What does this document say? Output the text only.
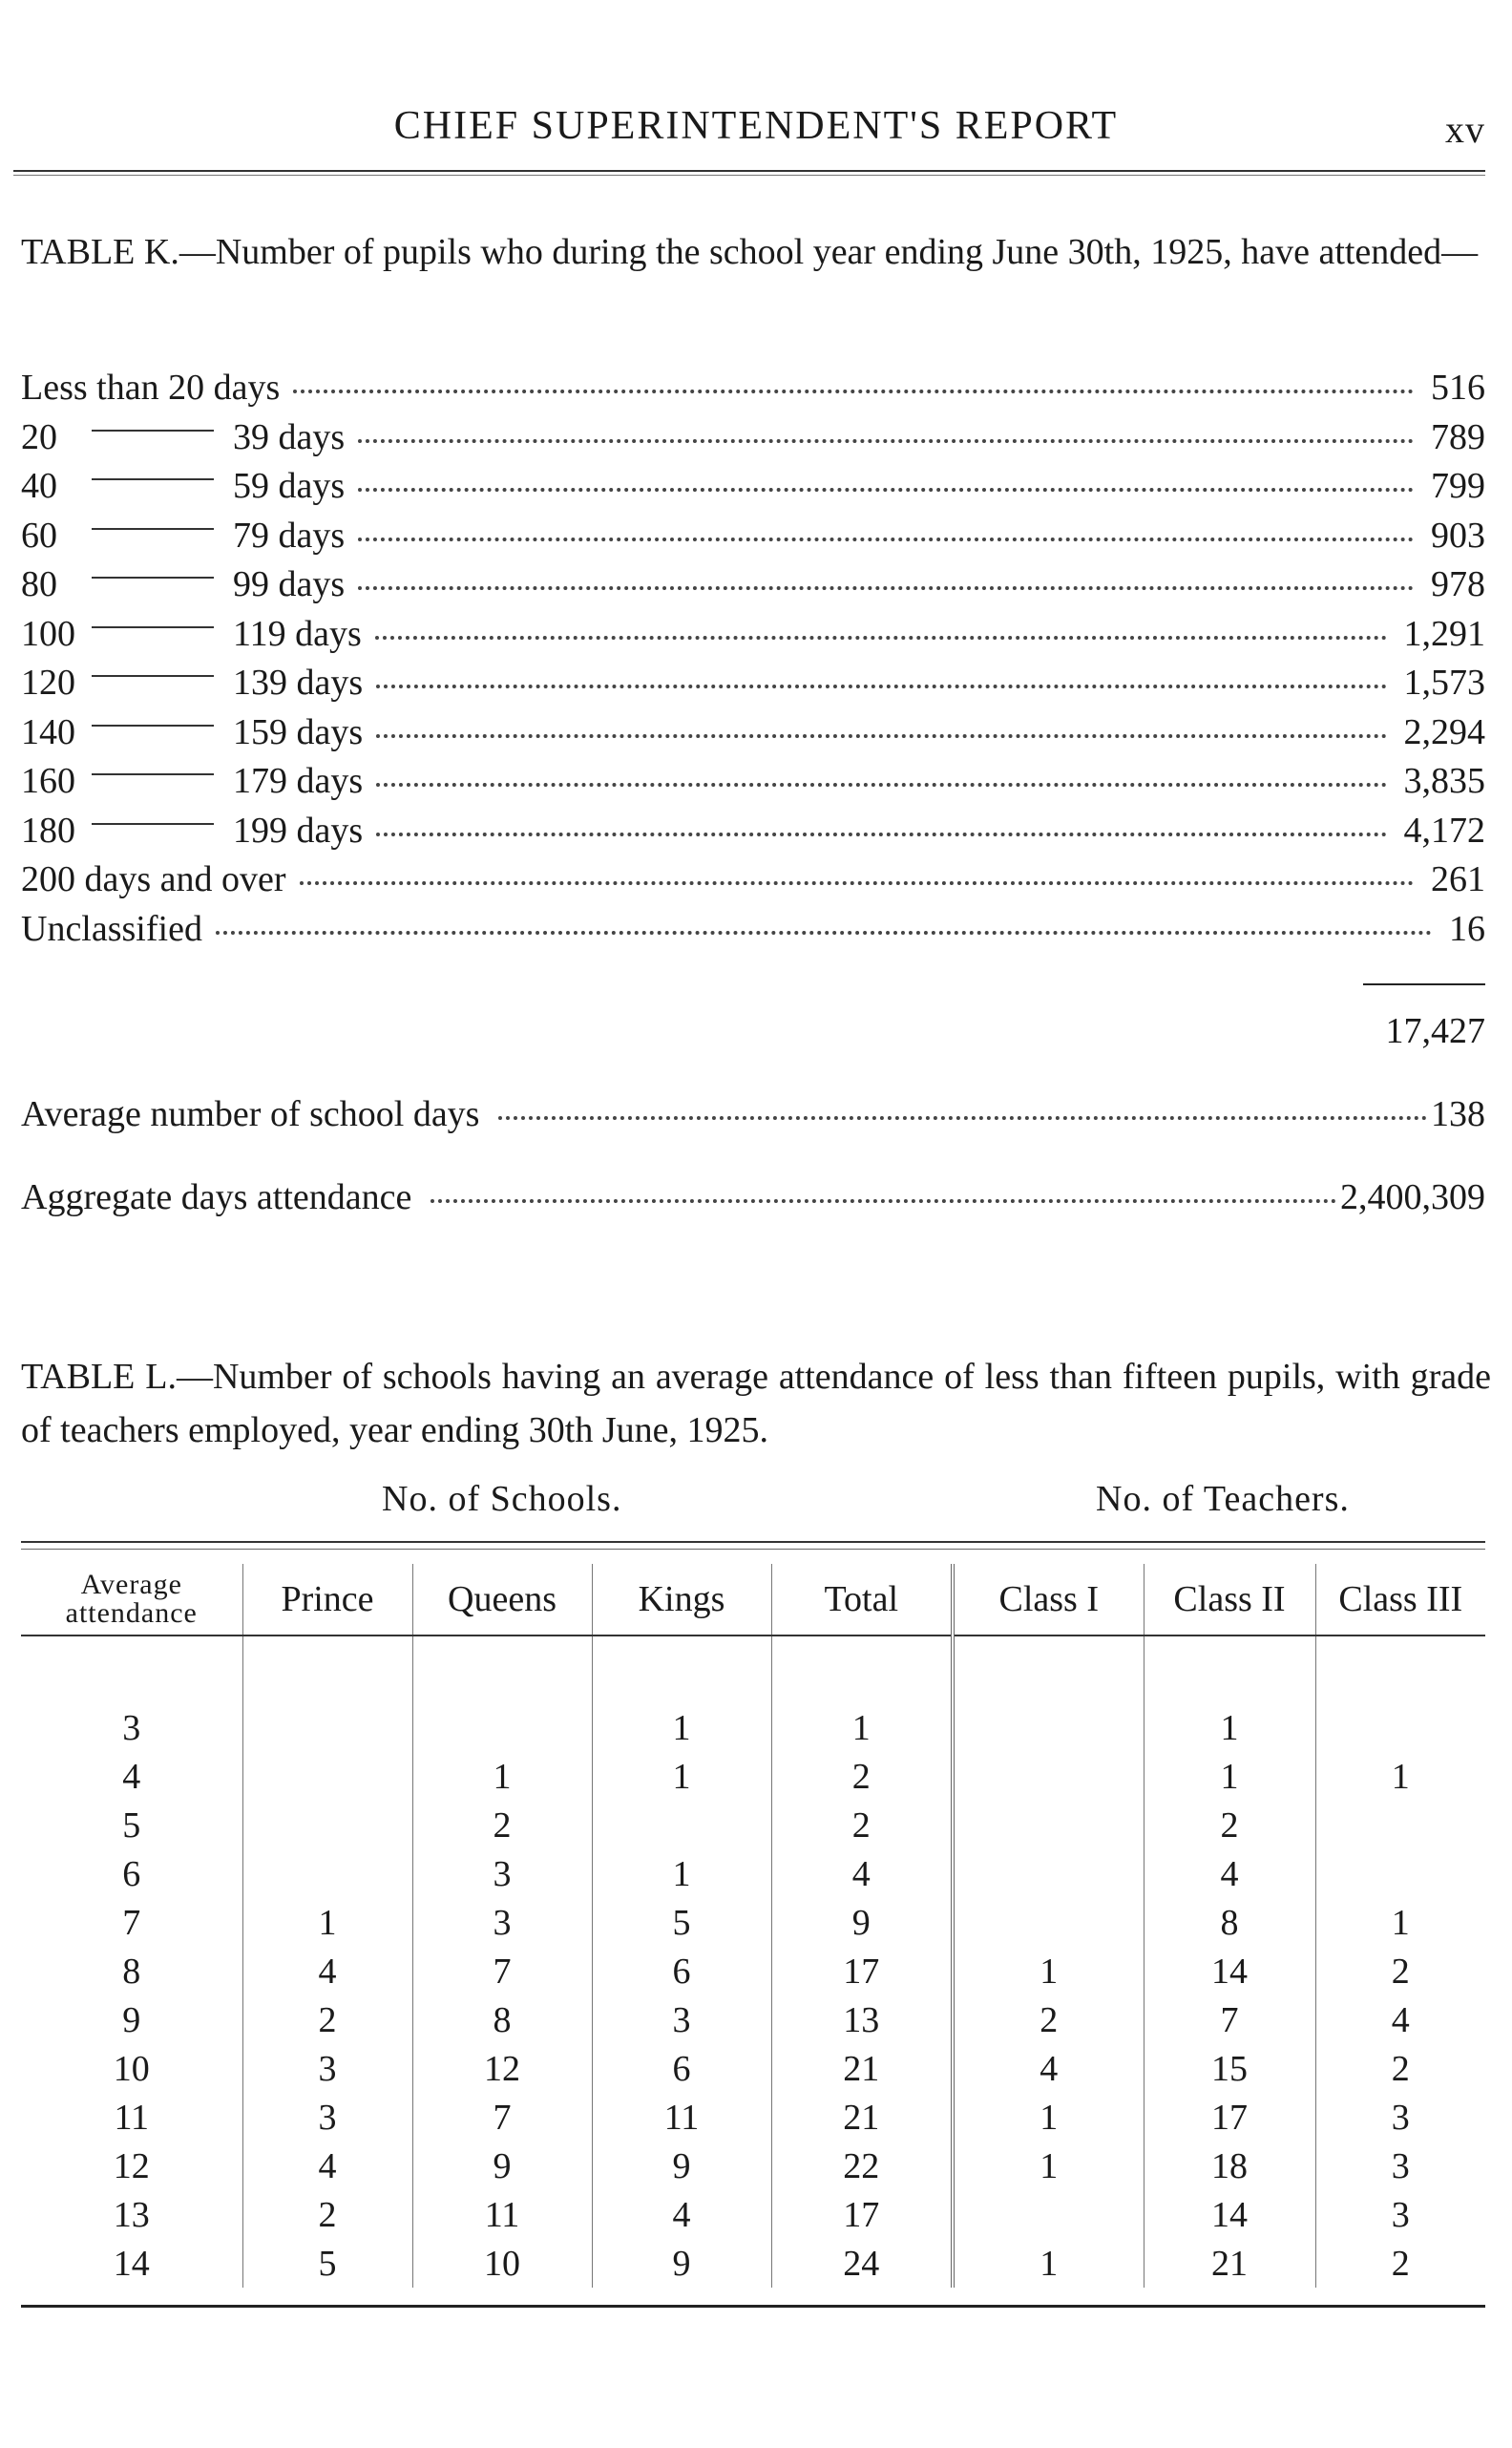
CHIEF SUPERINTENDENT'S REPORT	xv
TABLE K.—Number of pupils who during the school year ending June 30th, 1925, have attended—
Less than 20 days	516
20	39 days	789
40	59 days	799
60	79 days	903
80	99 days	978
100	119 days	1,291
120	139 days	1,573
140	159 days	2,294
160	179 days	3,835
180	199 days	4,172
200 days and over	261
Unclassified	16
17,427
Average number of school days	138
Aggregate days attendance	2,400,309
TABLE L.—Number of schools having an average attendance of less than fifteen pupils, with grade of teachers employed, year ending 30th June, 1925.
No. of Schools.	No. of Teachers.
Average attendance	Prince	Queens	Kings	Total	Class I	Class II	Class III

3			1	1		1	
4		1	1	2		1	1
5		2		2		2	
6		3	1	4		4	
7	1	3	5	9		8	1
8	4	7	6	17	1	14	2
9	2	8	3	13	2	7	4
10	3	12	6	21	4	15	2
11	3	7	11	21	1	17	3
12	4	9	9	22	1	18	3
13	2	11	4	17		14	3
14	5	10	9	24	1	21	2
